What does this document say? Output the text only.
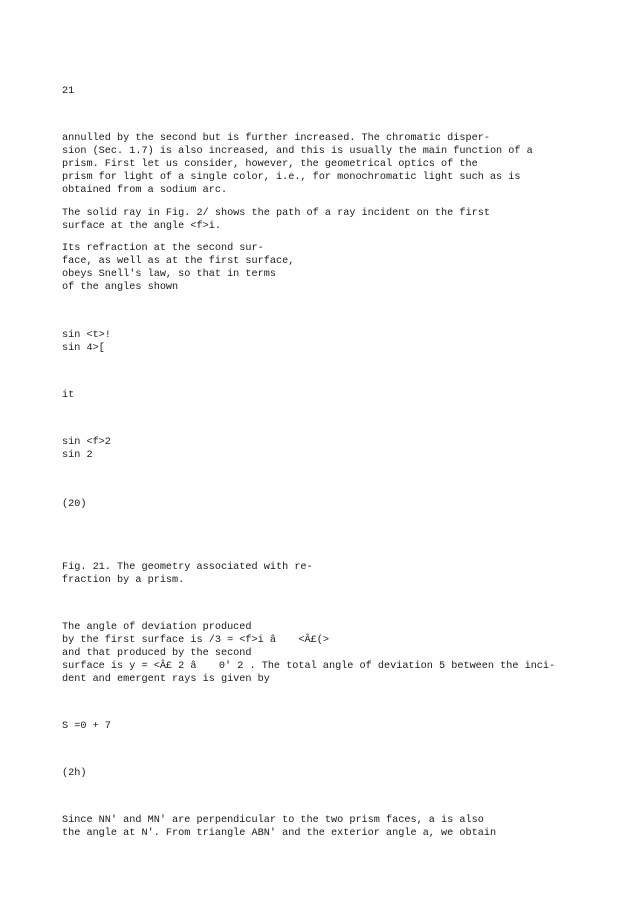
21

annulled by the second but is further increased. The chromatic disper-

sion (Sec. 1.7) is also increased, and this is usually the main function of a

prism. First let us consider, however, the geometrical optics of the

prism for light of a single color, i.e., for monochromatic light such as is

obtained from a sodium arc.

The solid ray in Fig. 2/ shows the path of a ray incident on the first

surface at the angle <f>i.

Its refraction at the second sur-

face, as well as at the first surface,

obeys Snell's law, so that in terms

of the angles shown

sin <t>!

sin 4>[

it

sin <f>2

sin 2

(20)

Fig. 21. The geometry associated with re-

fraction by a prism.

The angle of deviation produced

by the first surface is /3 = <f>i â <Â£(>

and that produced by the second

surface is y = <Â£ 2 â 0' 2 . The total angle of deviation 5 between the inci-

dent and emergent rays is given by

S =0 + 7

(2h)

Since NN' and MN' are perpendicular to the two prism faces, a is also

the angle at N'. From triangle ABN' and the exterior angle a, we obtain
